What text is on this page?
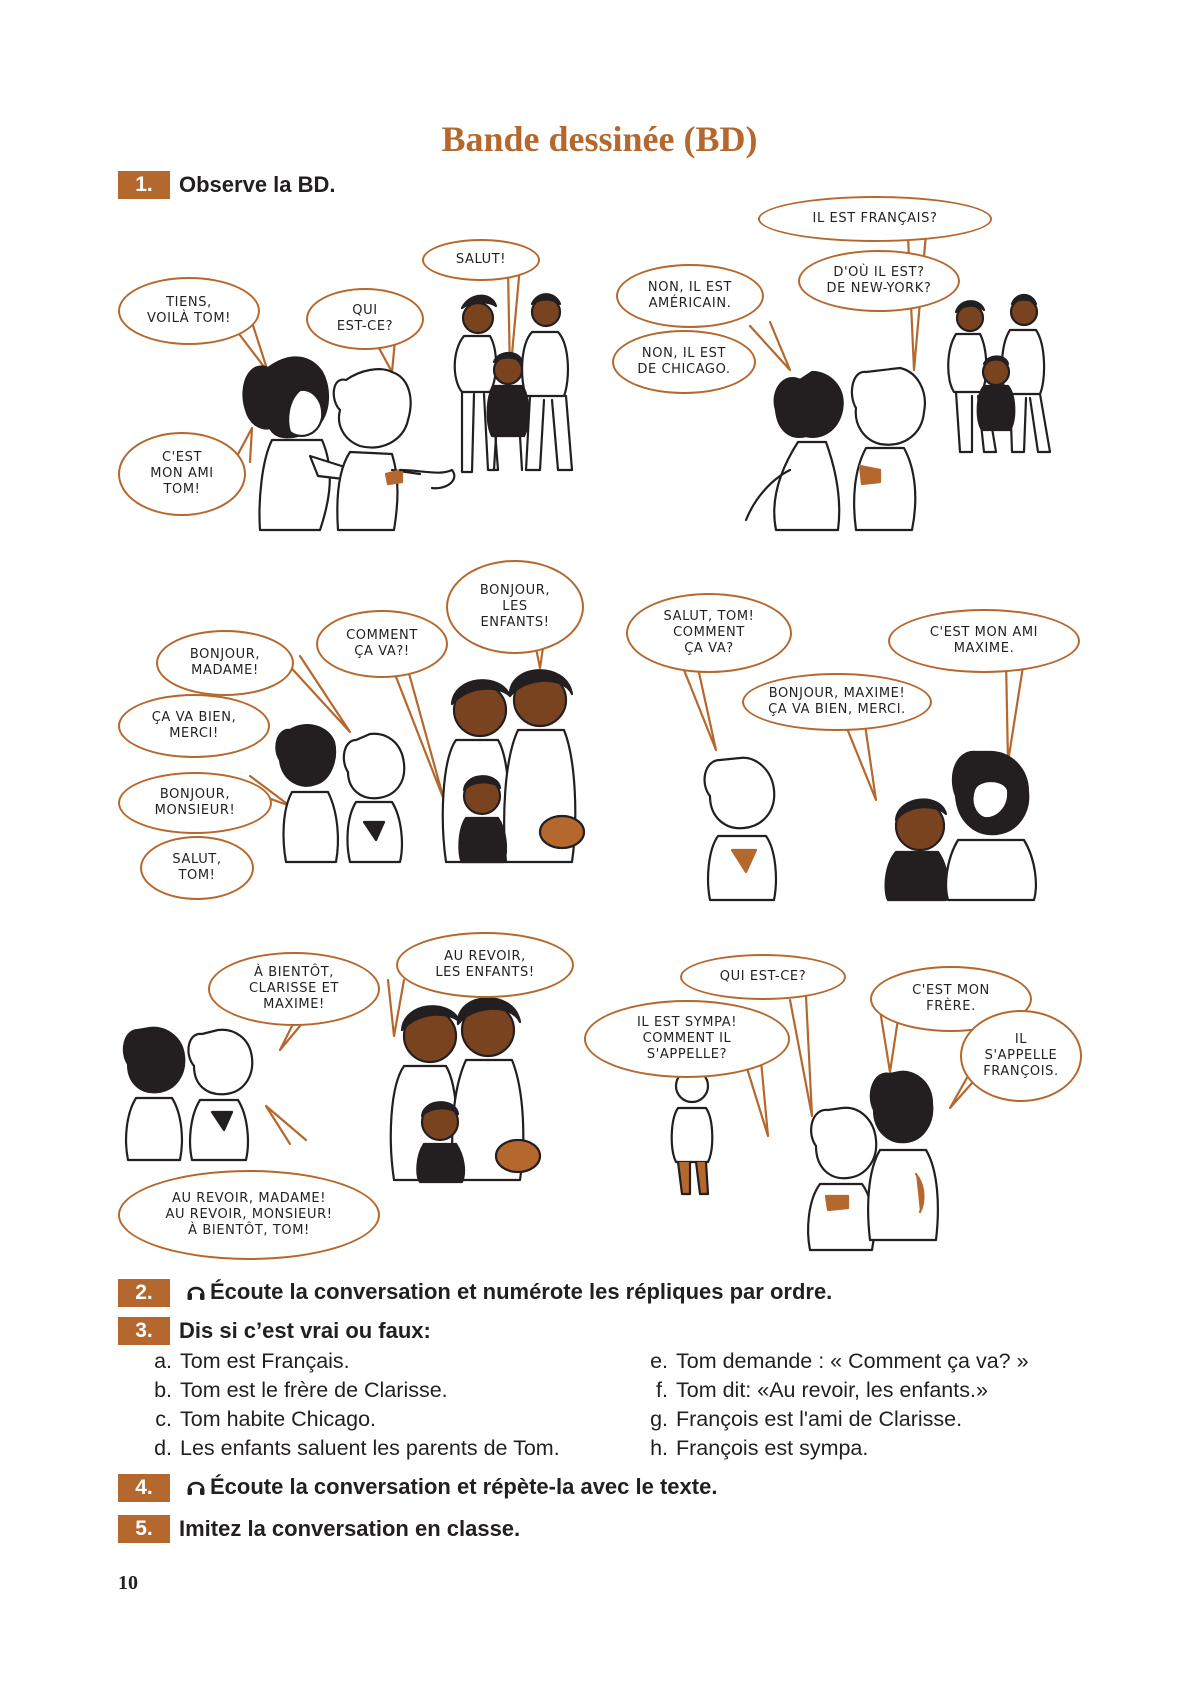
Bande dessinée (BD)
1.	Observe la BD.
TIENS,
VOILÀ TOM!
QUI
EST-CE?
SALUT!
C'EST
MON AMI
TOM!
IL EST FRANÇAIS?
D'OÙ IL EST?
DE NEW-YORK?
NON, IL EST
AMÉRICAIN.
NON, IL EST
DE CHICAGO.
BONJOUR,
LES
ENFANTS!
COMMENT
ÇA VA?!
BONJOUR,
MADAME!
ÇA VA BIEN,
MERCI!
BONJOUR,
MONSIEUR!
SALUT,
TOM!
SALUT, TOM!
COMMENT
ÇA VA?
C'EST MON AMI
MAXIME.
BONJOUR, MAXIME!
ÇA VA BIEN, MERCI.
AU REVOIR,
LES ENFANTS!
À BIENTÔT,
CLARISSE ET
MAXIME!
AU REVOIR, MADAME!
AU REVOIR, MONSIEUR!
À BIENTÔT, TOM!
QUI EST-CE?
C'EST MON
FRÈRE.
IL EST SYMPA!
COMMENT IL
S'APPELLE?
IL
S'APPELLE
FRANÇOIS.
2.	Écoute la conversation et numérote les répliques par ordre.
3.	Dis si c’est vrai ou faux:
a. Tom est Français.
b. Tom est le frère de Clarisse.
c. Tom habite Chicago.
d. Les enfants saluent les parents de Tom.
e. Tom demande : « Comment ça va? »
f. Tom dit: «Au revoir, les enfants.»
g. François est l'ami de Clarisse.
h. François est sympa.
4.	Écoute la conversation et répète-la avec le texte.
5.	Imitez la conversation en classe.
10
